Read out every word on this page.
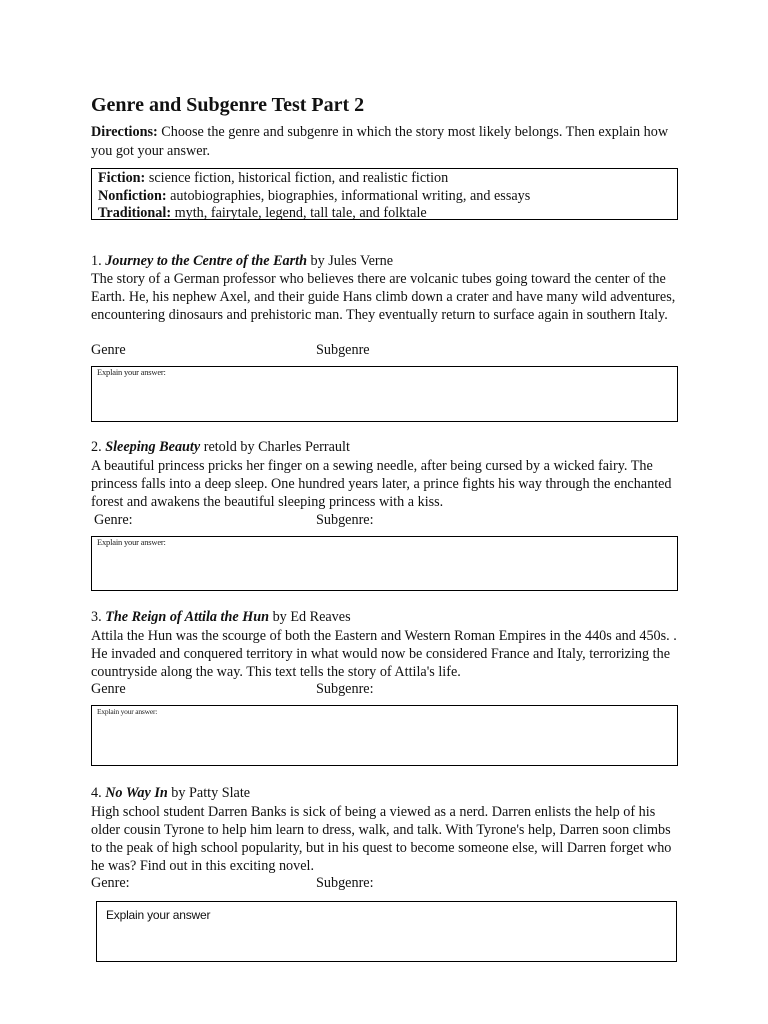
Genre and Subgenre Test Part 2
Directions: Choose the genre and subgenre in which the story most likely belongs. Then explain how you got your answer.
Fiction: science fiction, historical fiction, and realistic fiction
Nonfiction: autobiographies, biographies, informational writing, and essays
Traditional: myth, fairytale, legend, tall tale, and folktale
1. Journey to the Centre of the Earth by Jules Verne
The story of a German professor who believes there are volcanic tubes going toward the center of the Earth. He, his nephew Axel, and their guide Hans climb down a crater and have many wild adventures, encountering dinosaurs and prehistoric man. They eventually return to surface again in southern Italy.
Genre	Subgenre
Explain your answer:
2. Sleeping Beauty retold by Charles Perrault
A beautiful princess pricks her finger on a sewing needle, after being cursed by a wicked fairy. The princess falls into a deep sleep. One hundred years later, a prince fights his way through the enchanted forest and awakens the beautiful sleeping princess with a kiss.
Genre:	Subgenre:
Explain your answer:
3. The Reign of Attila the Hun by Ed Reaves
Attila the Hun was the scourge of both the Eastern and Western Roman Empires in the 440s and 450s. . He invaded and conquered territory in what would now be considered France and Italy, terrorizing the countryside along the way. This text tells the story of Attila's life.
Genre	Subgenre:
Explain your answer:
4. No Way In by Patty Slate
High school student Darren Banks is sick of being a viewed as a nerd. Darren enlists the help of his older cousin Tyrone to help him learn to dress, walk, and talk. With Tyrone's help, Darren soon climbs to the peak of high school popularity, but in his quest to become someone else, will Darren forget who he was? Find out in this exciting novel.
Genre:	Subgenre:
Explain your answer
